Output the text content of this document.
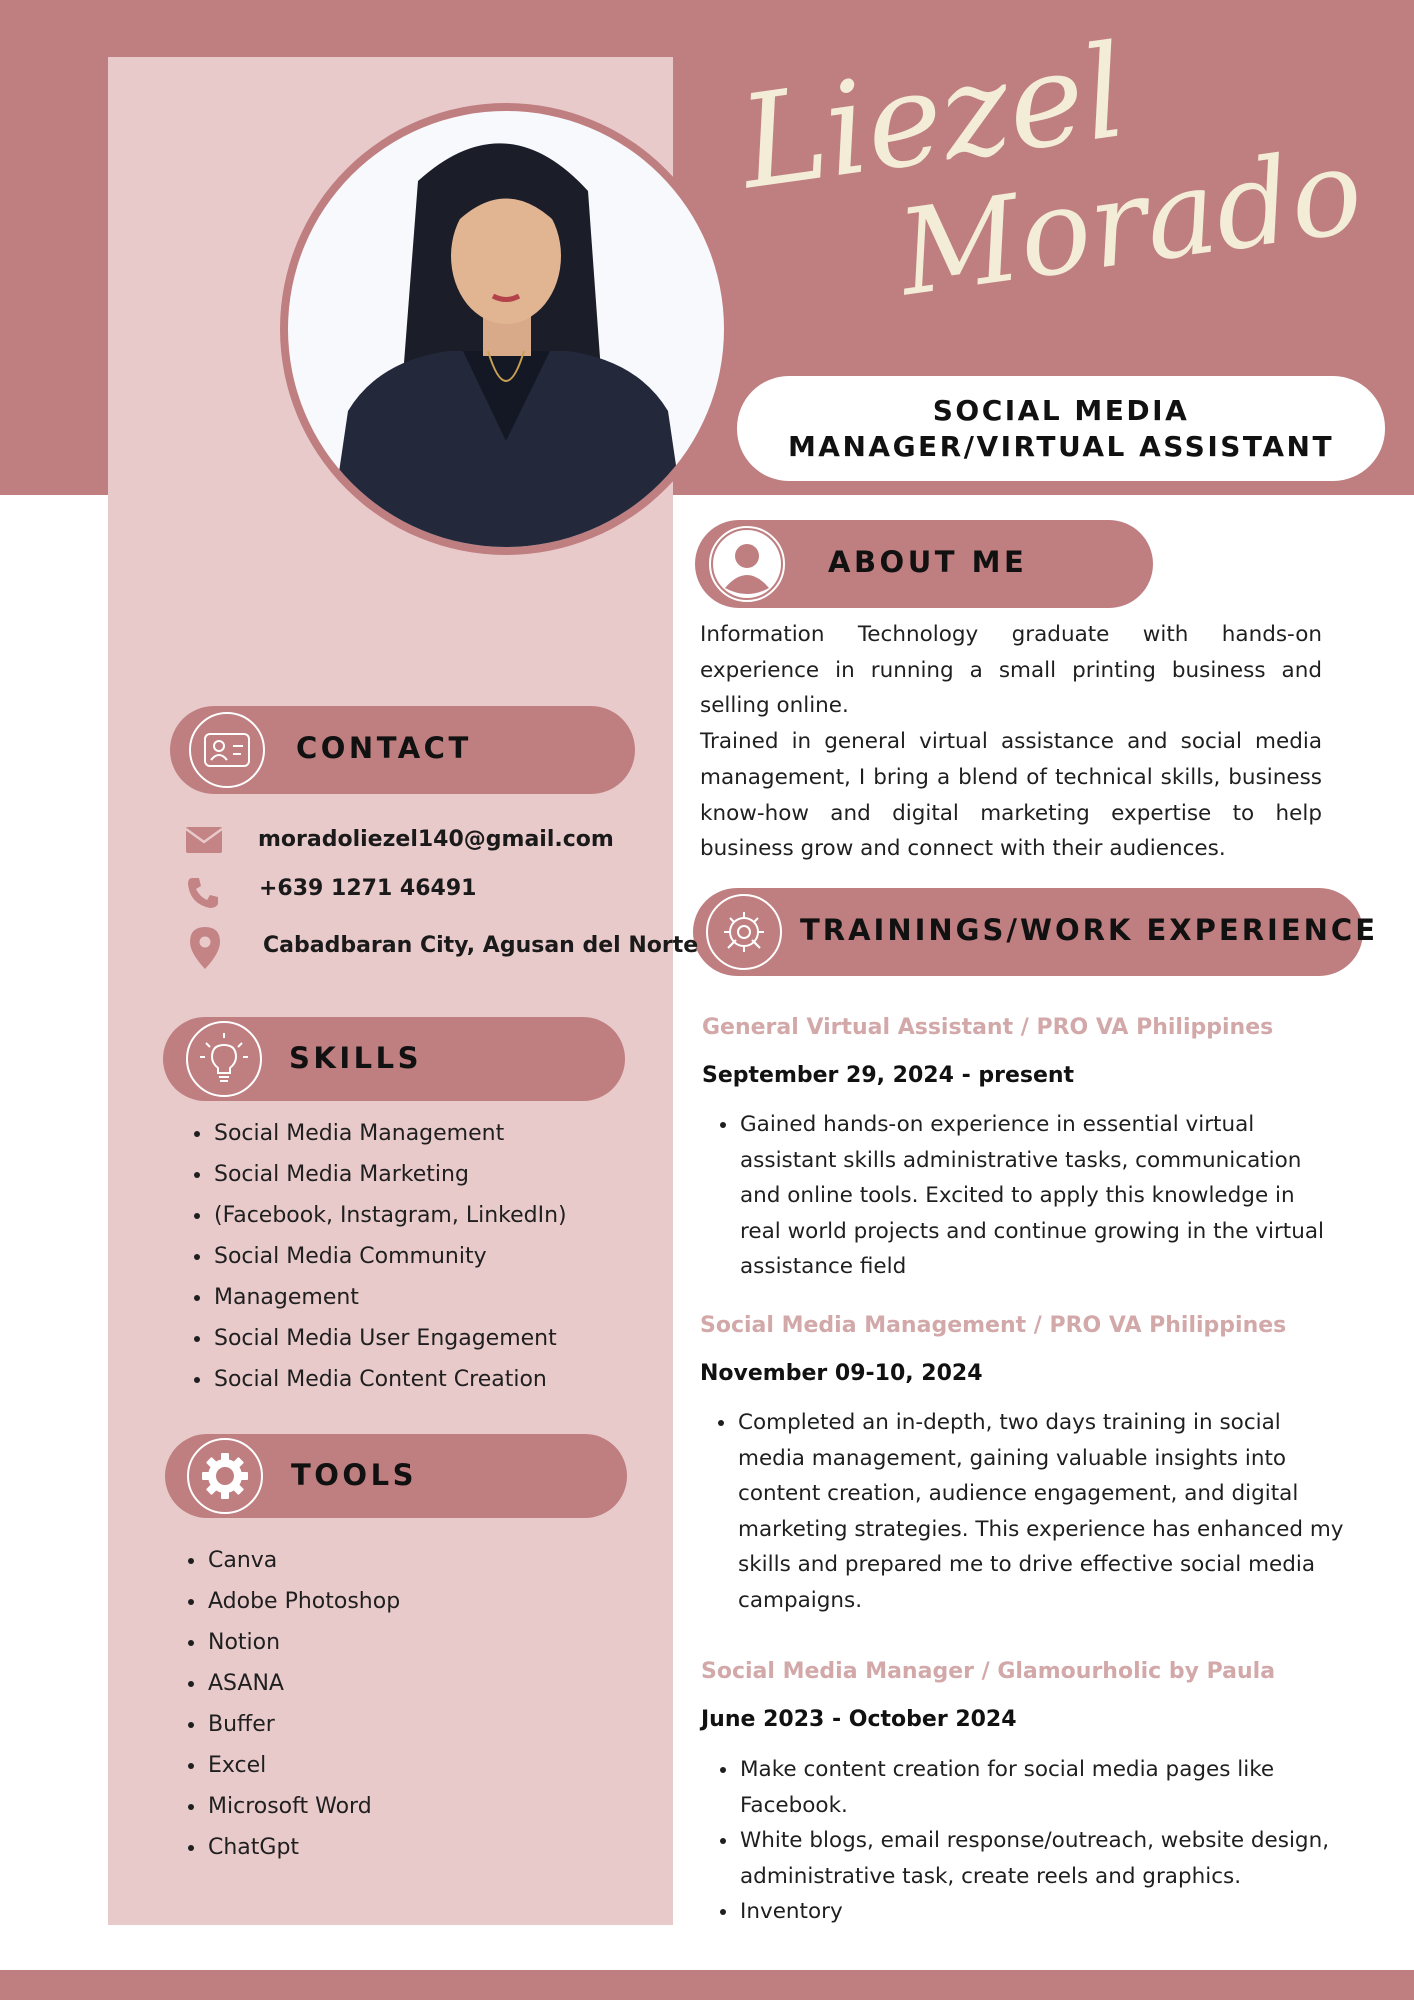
Liezel
Morado
SOCIAL MEDIA
MANAGER/VIRTUAL ASSISTANT
ABOUT ME

Information Technology graduate with hands-on experience in running a small printing business and selling online.

Trained in general virtual assistance and social media management, I bring a blend of technical skills, business know-how and digital marketing expertise to help business grow and connect with their audiences.

TRAININGS/WORK EXPERIENCE
General Virtual Assistant / PRO VA Philippines
September 29, 2024 - present
Gained hands-on experience in essential virtual assistant skills administrative tasks, communication and online tools. Excited to apply this knowledge in real world projects and continue growing in the virtual assistance field
Social Media Management / PRO VA Philippines
November 09-10, 2024
Completed an in-depth, two days training in social media management, gaining valuable insights into content creation, audience engagement, and digital marketing strategies. This experience has enhanced my skills and prepared me to drive effective social media campaigns.
Social Media Manager / Glamourholic by Paula
June 2023 - October 2024
Make content creation for social media pages like Facebook.
White blogs, email response/outreach, website design, administrative task, create reels and graphics.
Inventory
CONTACT
moradoliezel140@gmail.com
+639 1271 46491
Cabadbaran City, Agusan del Norte
SKILLS
Social Media Management
Social Media Marketing
(Facebook, Instagram, LinkedIn)
Social Media Community
Management
Social Media User Engagement
Social Media Content Creation
TOOLS
Canva
Adobe Photoshop
Notion
ASANA
Buffer
Excel
Microsoft Word
ChatGpt
